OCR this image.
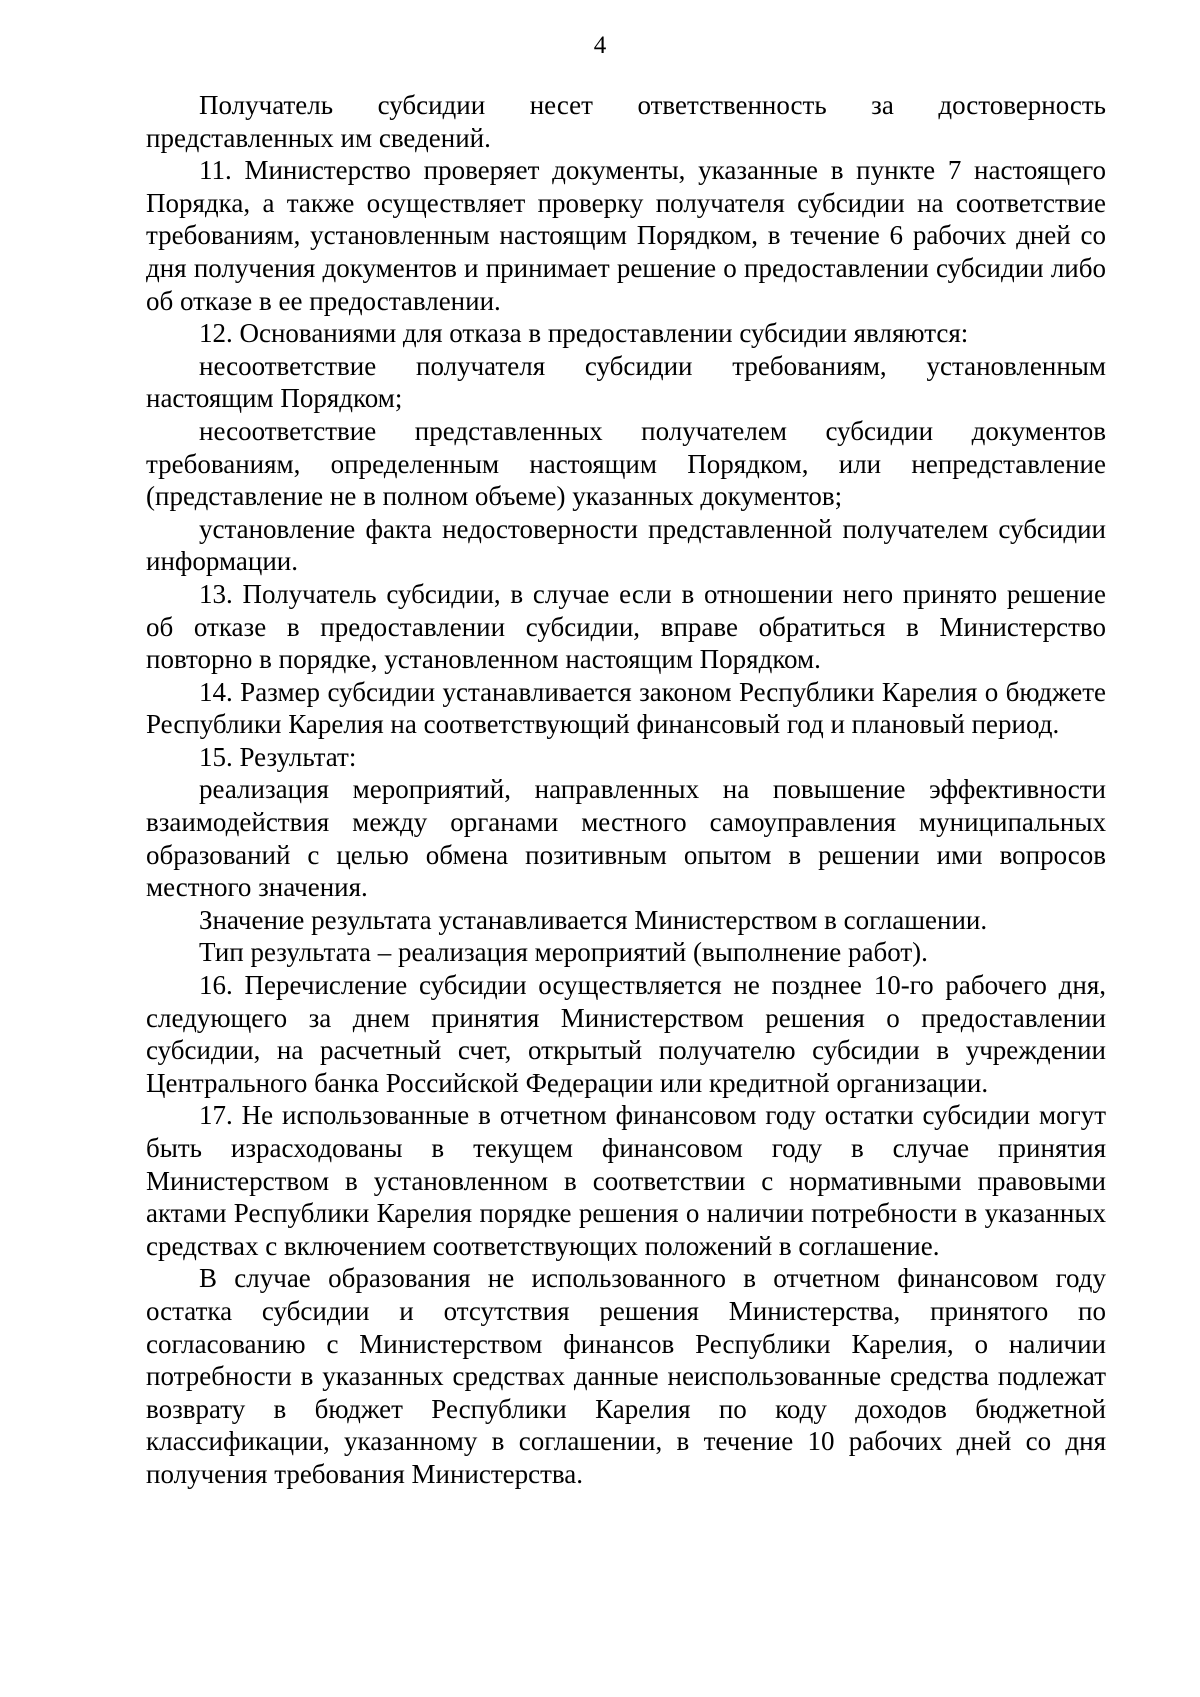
4

Получатель субсидии несет ответственность за достоверность представленных им сведений.

11. Министерство проверяет документы, указанные в пункте 7 настоящего Порядка, а также осуществляет проверку получателя субсидии на соответствие требованиям, установленным настоящим Порядком, в течение 6 рабочих дней со дня получения документов и принимает решение о предоставлении субсидии либо об отказе в ее предоставлении.

12. Основаниями для отказа в предоставлении субсидии являются:

несоответствие получателя субсидии требованиям, установленным настоящим Порядком;

несоответствие представленных получателем субсидии документов требованиям, определенным настоящим Порядком, или непредставление (представление не в полном объеме) указанных документов;

установление факта недостоверности представленной получателем субсидии информации.

13. Получатель субсидии, в случае если в отношении него принято решение об отказе в предоставлении субсидии, вправе обратиться в Министерство повторно в порядке, установленном настоящим Порядком.

14. Размер субсидии устанавливается законом Республики Карелия о бюджете Республики Карелия на соответствующий финансовый год и плановый период.

15. Результат:

реализация мероприятий, направленных на повышение эффективности взаимодействия между органами местного самоуправления муниципальных образований с целью обмена позитивным опытом в решении ими вопросов местного значения.

Значение результата устанавливается Министерством в соглашении.

Тип результата – реализация мероприятий (выполнение работ).

16. Перечисление субсидии осуществляется не позднее 10-го рабочего дня, следующего за днем принятия Министерством решения о предоставлении субсидии, на расчетный счет, открытый получателю субсидии в учреждении Центрального банка Российской Федерации или кредитной организации.

17. Не использованные в отчетном финансовом году остатки субсидии могут быть израсходованы в текущем финансовом году в случае принятия Министерством в установленном в соответствии с нормативными правовыми актами Республики Карелия порядке решения о наличии потребности в указанных средствах с включением соответствующих положений в соглашение.

В случае образования не использованного в отчетном финансовом году остатка субсидии и отсутствия решения Министерства, принятого по согласованию с Министерством финансов Республики Карелия, о наличии потребности в указанных средствах данные неиспользованные средства подлежат возврату в бюджет Республики Карелия по коду доходов бюджетной классификации, указанному в соглашении, в течение 10 рабочих дней со дня получения требования Министерства.
